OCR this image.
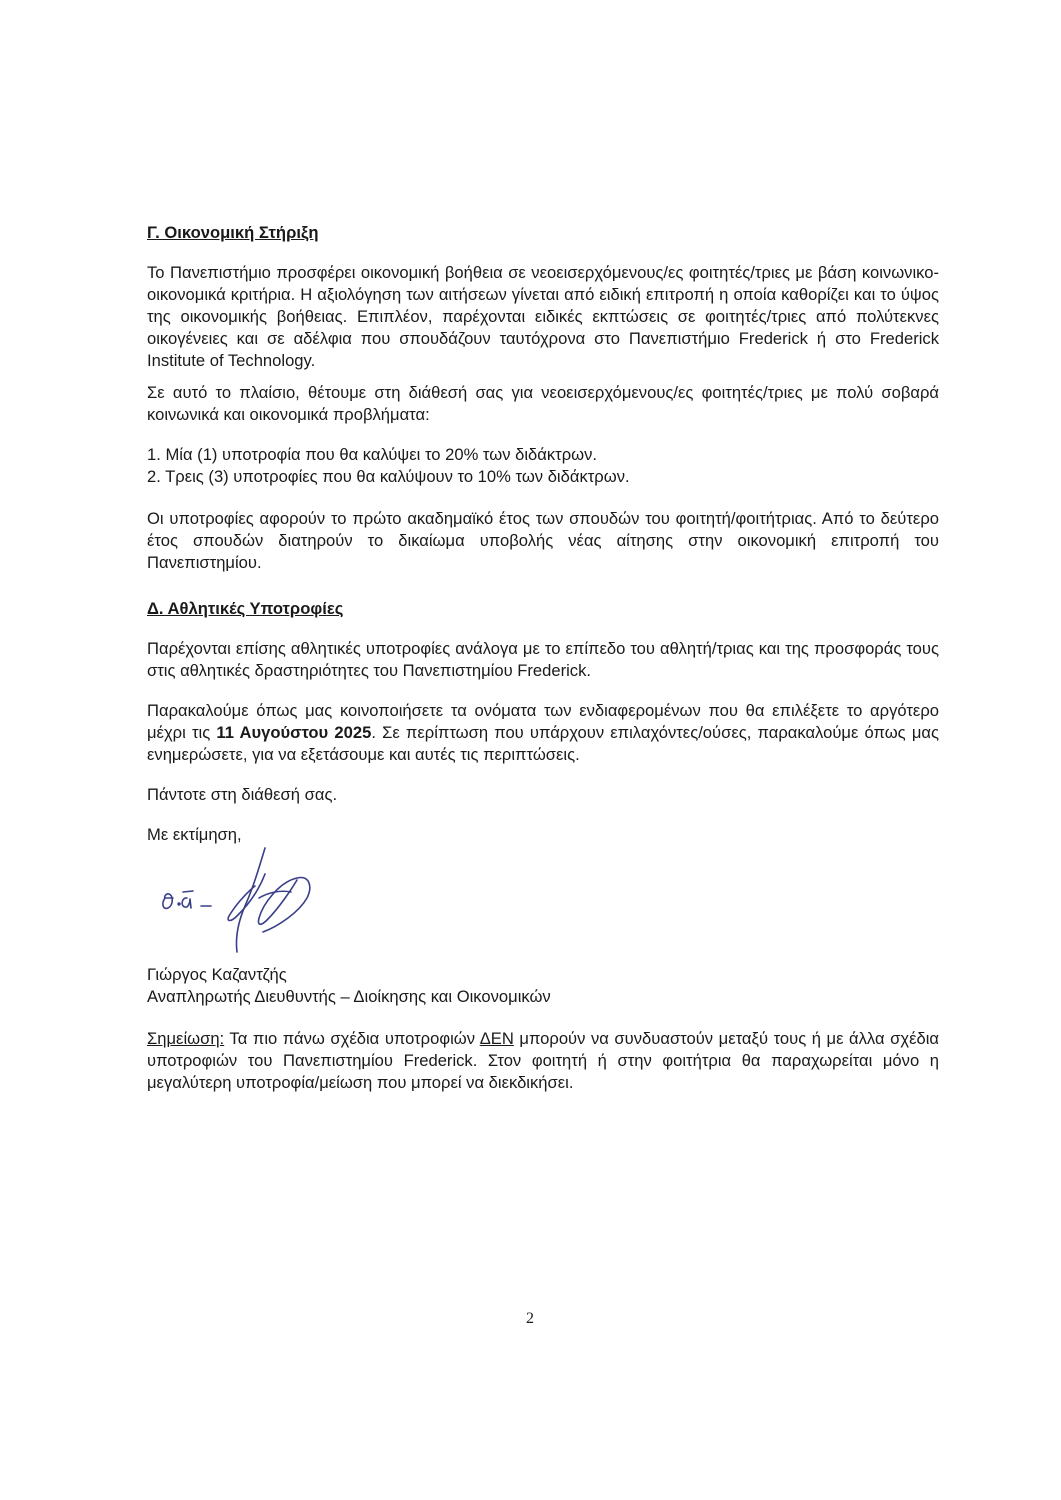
Γ. Οικονομική Στήριξη

Το Πανεπιστήμιο προσφέρει οικονομική βοήθεια σε νεοεισερχόμενους/ες φοιτητές/τριες με βάση κοινωνικο-οικονομικά κριτήρια. Η αξιολόγηση των αιτήσεων γίνεται από ειδική επιτροπή η οποία καθορίζει και το ύψος της οικονομικής βοήθειας. Επιπλέον, παρέχονται ειδικές εκπτώσεις σε φοιτητές/τριες από πολύτεκνες οικογένειες και σε αδέλφια που σπουδάζουν ταυτόχρονα στο Πανεπιστήμιο Frederick ή στο Frederick Institute of Technology.

Σε αυτό το πλαίσιο, θέτουμε στη διάθεσή σας για νεοεισερχόμενους/ες φοιτητές/τριες με πολύ σοβαρά κοινωνικά και οικονομικά προβλήματα:

1. Μία (1) υποτροφία που θα καλύψει το 20% των διδάκτρων.
2. Τρεις (3) υποτροφίες που θα καλύψουν το 10% των διδάκτρων.

Οι υποτροφίες αφορούν το πρώτο ακαδημαϊκό έτος των σπουδών του φοιτητή/φοιτήτριας. Από το δεύτερο έτος σπουδών διατηρούν το δικαίωμα υποβολής νέας αίτησης στην οικονομική επιτροπή του Πανεπιστημίου.

Δ. Αθλητικές Υποτροφίες

Παρέχονται επίσης αθλητικές υποτροφίες ανάλογα με το επίπεδο του αθλητή/τριας και της προσφοράς τους στις αθλητικές δραστηριότητες του Πανεπιστημίου Frederick.

Παρακαλούμε όπως μας κοινοποιήσετε τα ονόματα των ενδιαφερομένων που θα επιλέξετε το αργότερο μέχρι τις 11 Αυγούστου 2025. Σε περίπτωση που υπάρχουν επιλαχόντες/ούσες, παρακαλούμε όπως μας ενημερώσετε, για να εξετάσουμε και αυτές τις περιπτώσεις.

Πάντοτε στη διάθεσή σας.

Με εκτίμηση,

Γιώργος Καζαντζής

Αναπληρωτής Διευθυντής – Διοίκησης και Οικονομικών

Σημείωση: Τα πιο πάνω σχέδια υποτροφιών ΔΕΝ μπορούν να συνδυαστούν μεταξύ τους ή με άλλα σχέδια υποτροφιών του Πανεπιστημίου Frederick. Στον φοιτητή ή στην φοιτήτρια θα παραχωρείται μόνο η μεγαλύτερη υποτροφία/μείωση που μπορεί να διεκδικήσει.

2
